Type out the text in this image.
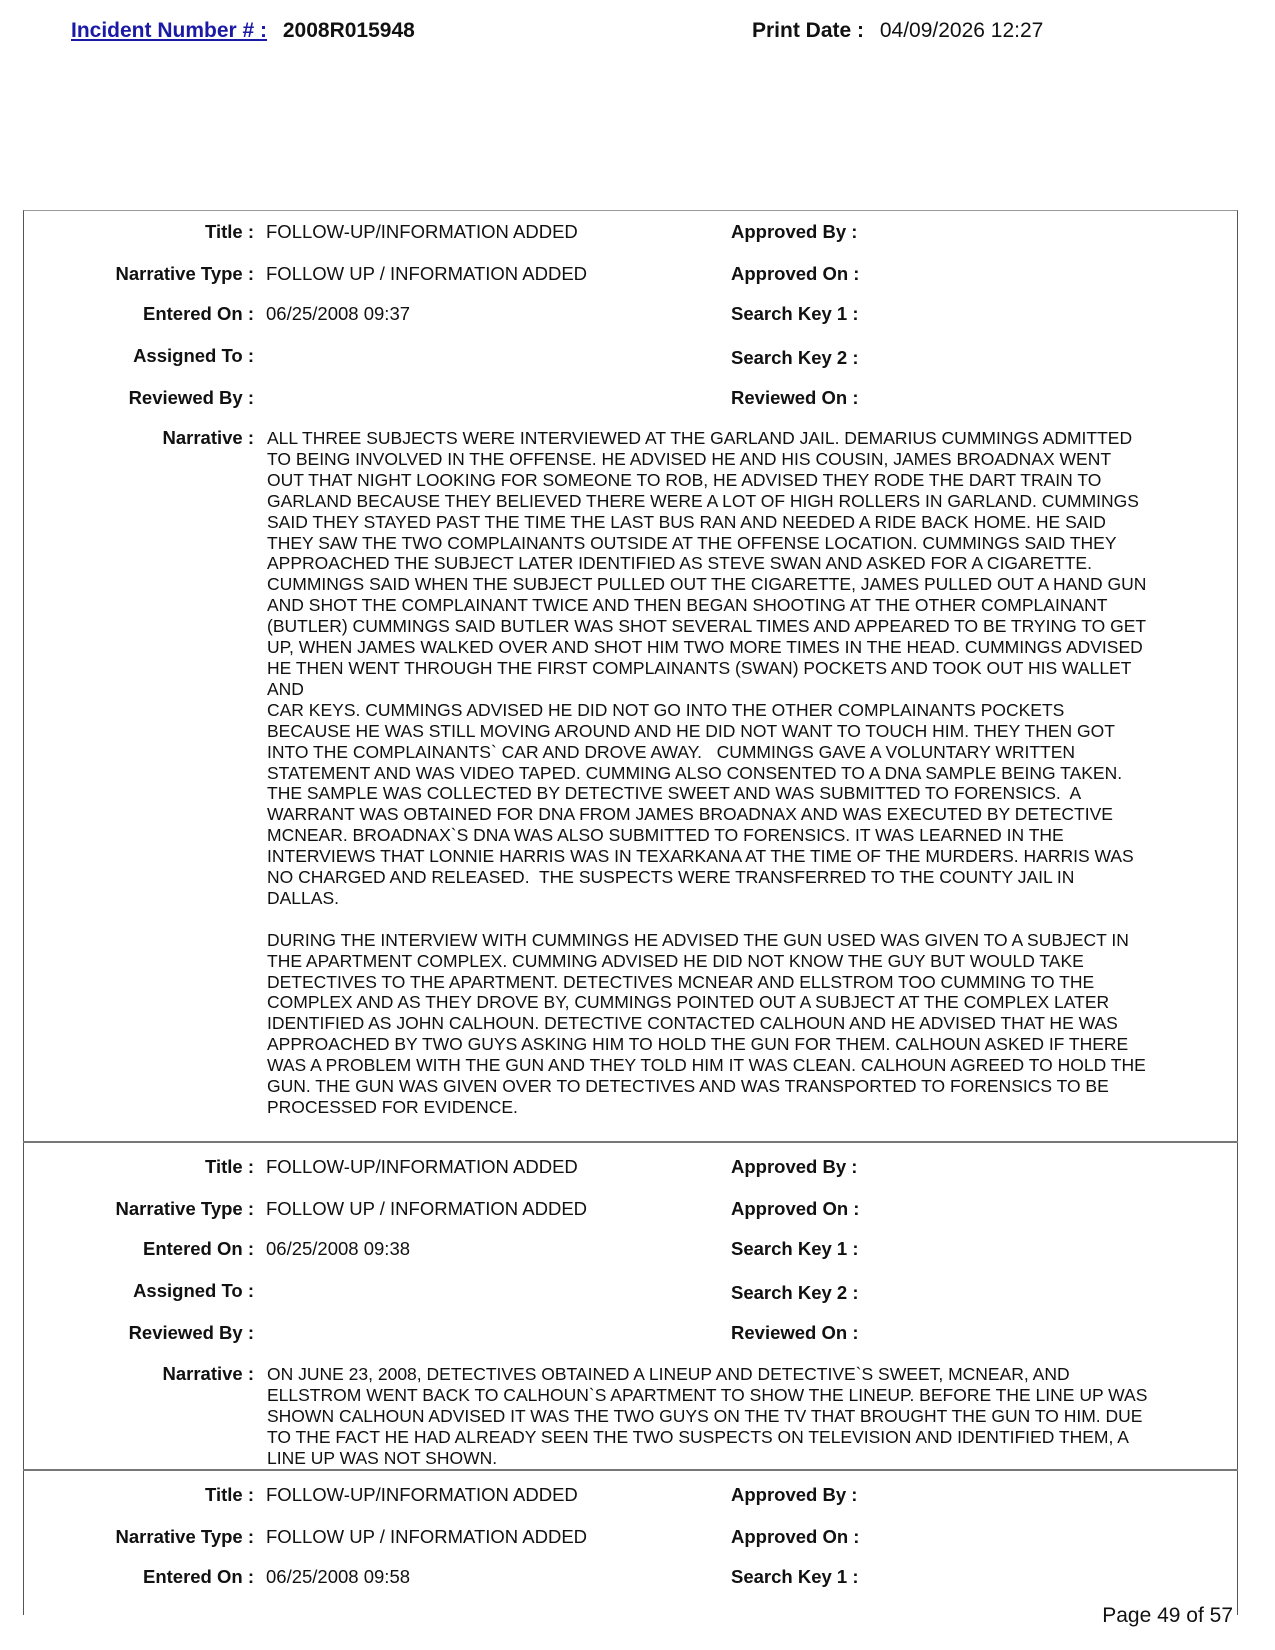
Incident Number # : 2008R015948	Print Date : 04/09/2026 12:27
Title : FOLLOW-UP/INFORMATION ADDED	Approved By :
Narrative Type : FOLLOW UP / INFORMATION ADDED	Approved On :
Entered On : 06/25/2008 09:37	Search Key 1 :
Assigned To :	Search Key 2 :
Reviewed By :	Reviewed On :
Narrative : ALL THREE SUBJECTS WERE INTERVIEWED AT THE GARLAND JAIL. DEMARIUS CUMMINGS ADMITTED
TO BEING INVOLVED IN THE OFFENSE. HE ADVISED HE AND HIS COUSIN, JAMES BROADNAX WENT
OUT THAT NIGHT LOOKING FOR SOMEONE TO ROB, HE ADVISED THEY RODE THE DART TRAIN TO
GARLAND BECAUSE THEY BELIEVED THERE WERE A LOT OF HIGH ROLLERS IN GARLAND. CUMMINGS
SAID THEY STAYED PAST THE TIME THE LAST BUS RAN AND NEEDED A RIDE BACK HOME. HE SAID
THEY SAW THE TWO COMPLAINANTS OUTSIDE AT THE OFFENSE LOCATION. CUMMINGS SAID THEY
APPROACHED THE SUBJECT LATER IDENTIFIED AS STEVE SWAN AND ASKED FOR A CIGARETTE.
CUMMINGS SAID WHEN THE SUBJECT PULLED OUT THE CIGARETTE, JAMES PULLED OUT A HAND GUN
AND SHOT THE COMPLAINANT TWICE AND THEN BEGAN SHOOTING AT THE OTHER COMPLAINANT
(BUTLER) CUMMINGS SAID BUTLER WAS SHOT SEVERAL TIMES AND APPEARED TO BE TRYING TO GET
UP, WHEN JAMES WALKED OVER AND SHOT HIM TWO MORE TIMES IN THE HEAD. CUMMINGS ADVISED
HE THEN WENT THROUGH THE FIRST COMPLAINANTS (SWAN) POCKETS AND TOOK OUT HIS WALLET
AND
CAR KEYS. CUMMINGS ADVISED HE DID NOT GO INTO THE OTHER COMPLAINANTS POCKETS
BECAUSE HE WAS STILL MOVING AROUND AND HE DID NOT WANT TO TOUCH HIM. THEY THEN GOT
INTO THE COMPLAINANTS` CAR AND DROVE AWAY.   CUMMINGS GAVE A VOLUNTARY WRITTEN
STATEMENT AND WAS VIDEO TAPED. CUMMING ALSO CONSENTED TO A DNA SAMPLE BEING TAKEN.
THE SAMPLE WAS COLLECTED BY DETECTIVE SWEET AND WAS SUBMITTED TO FORENSICS.  A
WARRANT WAS OBTAINED FOR DNA FROM JAMES BROADNAX AND WAS EXECUTED BY DETECTIVE
MCNEAR. BROADNAX`S DNA WAS ALSO SUBMITTED TO FORENSICS. IT WAS LEARNED IN THE
INTERVIEWS THAT LONNIE HARRIS WAS IN TEXARKANA AT THE TIME OF THE MURDERS. HARRIS WAS
NO CHARGED AND RELEASED.  THE SUSPECTS WERE TRANSFERRED TO THE COUNTY JAIL IN
DALLAS.

DURING THE INTERVIEW WITH CUMMINGS HE ADVISED THE GUN USED WAS GIVEN TO A SUBJECT IN
THE APARTMENT COMPLEX. CUMMING ADVISED HE DID NOT KNOW THE GUY BUT WOULD TAKE
DETECTIVES TO THE APARTMENT. DETECTIVES MCNEAR AND ELLSTROM TOO CUMMING TO THE
COMPLEX AND AS THEY DROVE BY, CUMMINGS POINTED OUT A SUBJECT AT THE COMPLEX LATER
IDENTIFIED AS JOHN CALHOUN. DETECTIVE CONTACTED CALHOUN AND HE ADVISED THAT HE WAS
APPROACHED BY TWO GUYS ASKING HIM TO HOLD THE GUN FOR THEM. CALHOUN ASKED IF THERE
WAS A PROBLEM WITH THE GUN AND THEY TOLD HIM IT WAS CLEAN. CALHOUN AGREED TO HOLD THE
GUN. THE GUN WAS GIVEN OVER TO DETECTIVES AND WAS TRANSPORTED TO FORENSICS TO BE
PROCESSED FOR EVIDENCE.
Title : FOLLOW-UP/INFORMATION ADDED	Approved By :
Narrative Type : FOLLOW UP / INFORMATION ADDED	Approved On :
Entered On : 06/25/2008 09:38	Search Key 1 :
Assigned To :	Search Key 2 :
Reviewed By :	Reviewed On :
Narrative : ON JUNE 23, 2008, DETECTIVES OBTAINED A LINEUP AND DETECTIVE`S SWEET, MCNEAR, AND
ELLSTROM WENT BACK TO CALHOUN`S APARTMENT TO SHOW THE LINEUP. BEFORE THE LINE UP WAS
SHOWN CALHOUN ADVISED IT WAS THE TWO GUYS ON THE TV THAT BROUGHT THE GUN TO HIM. DUE
TO THE FACT HE HAD ALREADY SEEN THE TWO SUSPECTS ON TELEVISION AND IDENTIFIED THEM, A
LINE UP WAS NOT SHOWN.
Title : FOLLOW-UP/INFORMATION ADDED	Approved By :
Narrative Type : FOLLOW UP / INFORMATION ADDED	Approved On :
Entered On : 06/25/2008 09:58	Search Key 1 :
Page 49 of 57
